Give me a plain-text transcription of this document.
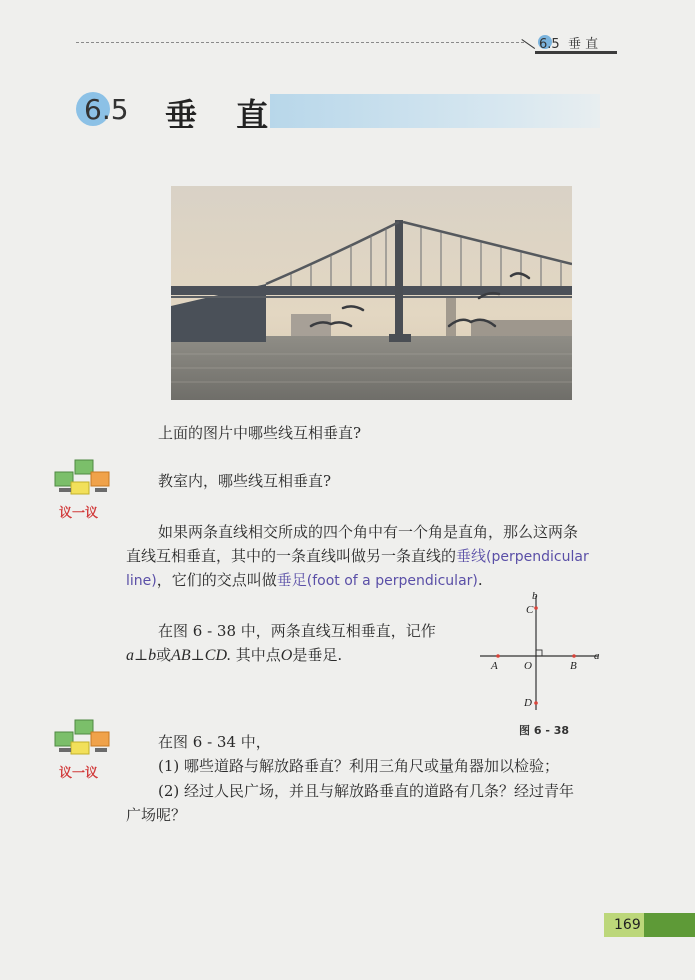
6.5 垂 直
6.5 垂 直
上面的图片中哪些线互相垂直?
议一议
教室内，哪些线互相垂直?
如果两条直线相交所成的四个角中有一个角是直角，那么这两条
直线互相垂直，其中的一条直线叫做另一条直线的垂线(perpendicular
line)，它们的交点叫做垂足(foot of a perpendicular).
在图 6 - 38 中，两条直线互相垂直，记作
a⊥b或AB⊥CD. 其中点O是垂足.	a
b
A	B
C
D
O
图 6 - 38
议一议
在图 6 - 34 中，
(1) 哪些道路与解放路垂直？利用三角尺或量角器加以检验；
(2) 经过人民广场，并且与解放路垂直的道路有几条？经过青年
广场呢？
169
